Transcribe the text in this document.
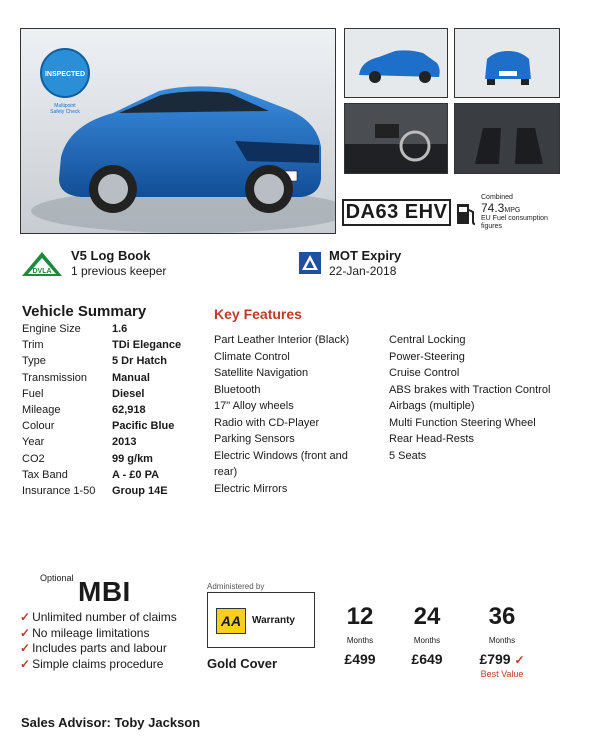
INSPECTED
Multipoint
Safety Check
DA63 EHV
Combined
74.3MPG
EU Fuel consumption figures
DVLA
V5 Log Book
1 previous keeper
MOT Expiry
22-Jan-2018
Vehicle Summary
Engine Size	1.6
Trim	TDi Elegance
Type	5 Dr Hatch
Transmission Manual
Fuel	Diesel
Mileage	62,918
Colour	Pacific Blue
Year	2013
CO2	99 g/km
Tax Band	A - £0 PA
Insurance 1-50 Group 14E
Key Features
Part Leather Interior (Black)
Climate Control
Satellite Navigation
Bluetooth
17" Alloy wheels
Radio with CD-Player
Parking Sensors
Electric Windows (front and rear)
Electric Mirrors
Central Locking
Power-Steering
Cruise Control
ABS brakes with Traction Control
Airbags (multiple)
Multi Function Steering Wheel
Rear Head-Rests
5 Seats
Optional MBI
✓ Unlimited number of claims
✓ No mileage limitations
✓ Includes parts and labour
✓ Simple claims procedure
Administered by
AA	Warranty
Gold Cover
12
Months
£499
24
Months
£649
36
Months
£799 ✓
Best Value
Sales Advisor: Toby Jackson
